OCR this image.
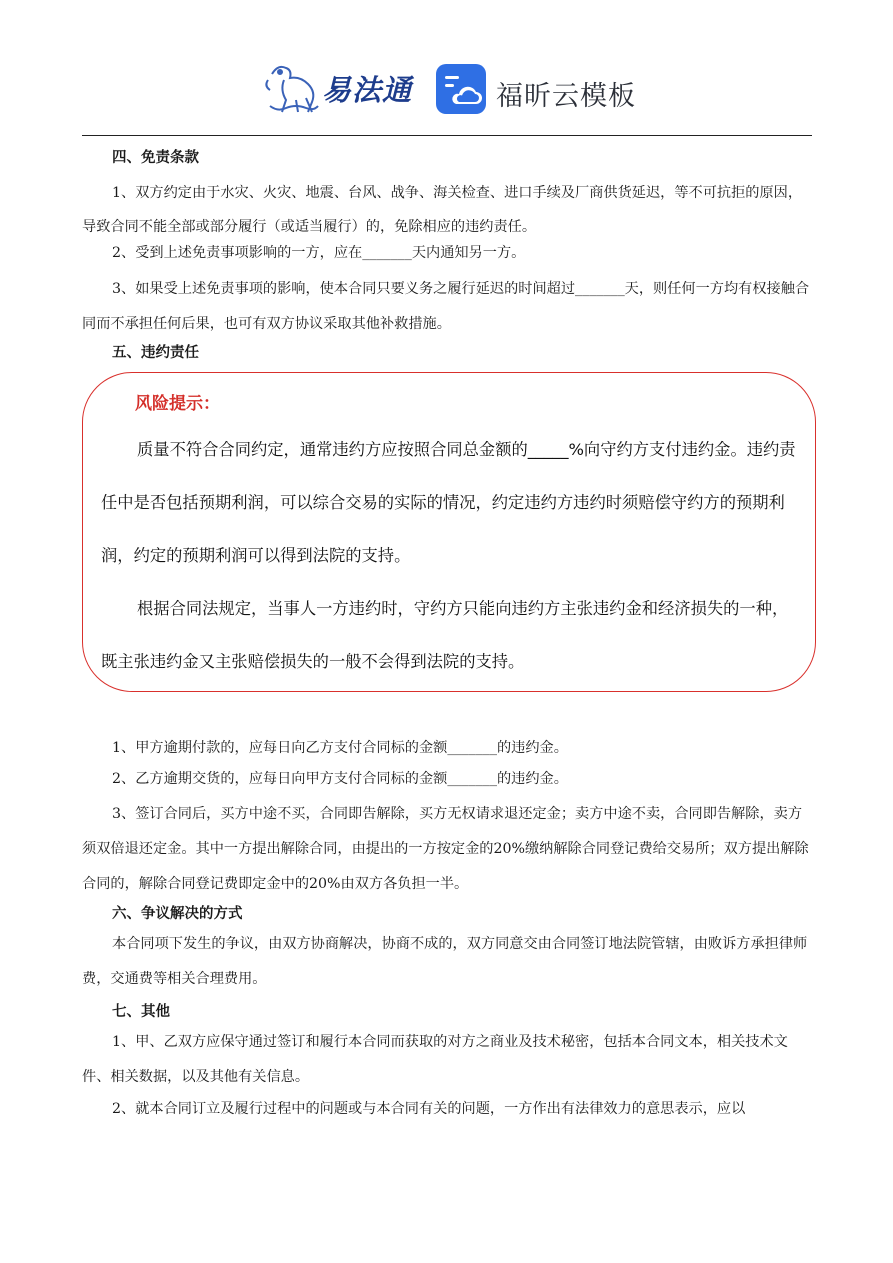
易法通	福昕云模板

四、免责条款

1、双方约定由于水灾、火灾、地震、台风、战争、海关检查、进口手续及厂商供货延迟，等不可抗拒的原因，导致合同不能全部或部分履行（或适当履行）的，免除相应的违约责任。

2、受到上述免责事项影响的一方，应在_______天内通知另一方。

3、如果受上述免责事项的影响，使本合同只要义务之履行延迟的时间超过_______天，则任何一方均有权接触合同而不承担任何后果，也可有双方协议采取其他补救措施。

五、违约责任

风险提示：

质量不符合合同约定，通常违约方应按照合同总金额的_____%向守约方支付违约金。违约责任中是否包括预期利润，可以综合交易的实际的情况，约定违约方违约时须赔偿守约方的预期利润，约定的预期利润可以得到法院的支持。

根据合同法规定，当事人一方违约时，守约方只能向违约方主张违约金和经济损失的一种，既主张违约金又主张赔偿损失的一般不会得到法院的支持。

1、甲方逾期付款的，应每日向乙方支付合同标的金额_______的违约金。

2、乙方逾期交货的，应每日向甲方支付合同标的金额_______的违约金。

3、签订合同后，买方中途不买，合同即告解除，买方无权请求退还定金；卖方中途不卖，合同即告解除，卖方须双倍退还定金。其中一方提出解除合同，由提出的一方按定金的20%缴纳解除合同登记费给交易所；双方提出解除合同的，解除合同登记费即定金中的20%由双方各负担一半。

六、争议解决的方式

本合同项下发生的争议，由双方协商解决，协商不成的，双方同意交由合同签订地法院管辖，由败诉方承担律师费，交通费等相关合理费用。

七、其他

1、甲、乙双方应保守通过签订和履行本合同而获取的对方之商业及技术秘密，包括本合同文本，相关技术文件、相关数据，以及其他有关信息。

2、就本合同订立及履行过程中的问题或与本合同有关的问题，一方作出有法律效力的意思表示，应以
